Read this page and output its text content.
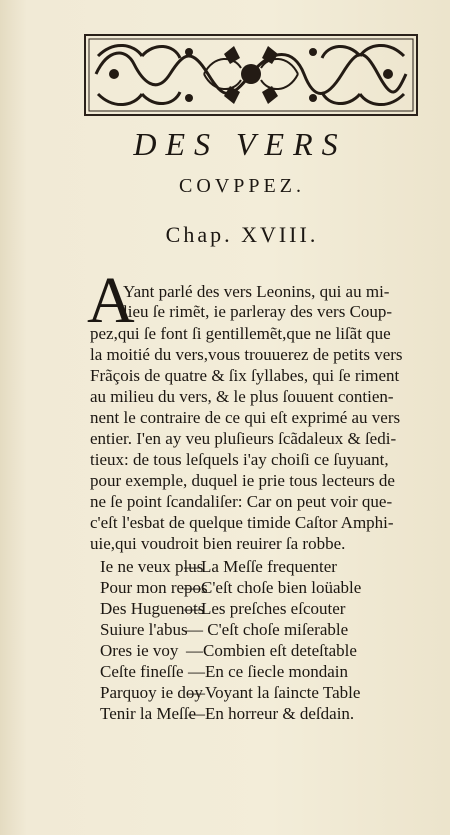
DES VERS
COVPPEZ.
Chap. XVIII.
A
Yant parlé des vers Leonins, qui au mi-
lieu ſe rimẽt, ie parleray des vers Coup-
pez,qui ſe font ſi gentillemẽt,que ne liſãt que
la moitié du vers,vous trouuerez de petits vers
Frãçois de quatre & ſix ſyllabes, qui ſe riment
au milieu du vers, & le plus ſouuent contien-
nent le contraire de ce qui eſt exprimé au vers
entier. I'en ay veu pluſieurs ſcãdaleux & ſedi-
tieux: de tous leſquels i'ay choiſi ce ſuyuant,
pour exemple, duquel ie prie tous lecteurs de
ne ſe point ſcandaliſer: Car on peut voir que-
c'eſt l'esbat de quelque timide Caſtor Amphi-
uie,qui voudroit bien reuirer ſa robbe.
Ie ne veux plus
—La Meſſe frequenter
Pour mon repos
—C'eſt choſe bien loüable
Des Huguenots
—Les preſches eſcouter
Suiure l'abus
— C'eſt choſe miſerable
Ores ie voy —Combien eſt deteſtable
Ceſte fineſſe —En ce ſiecle mondain
Parquoy ie doy
—Voyant la ſaincte Table
Tenir la Meſſe
—En horreur & deſdain.
